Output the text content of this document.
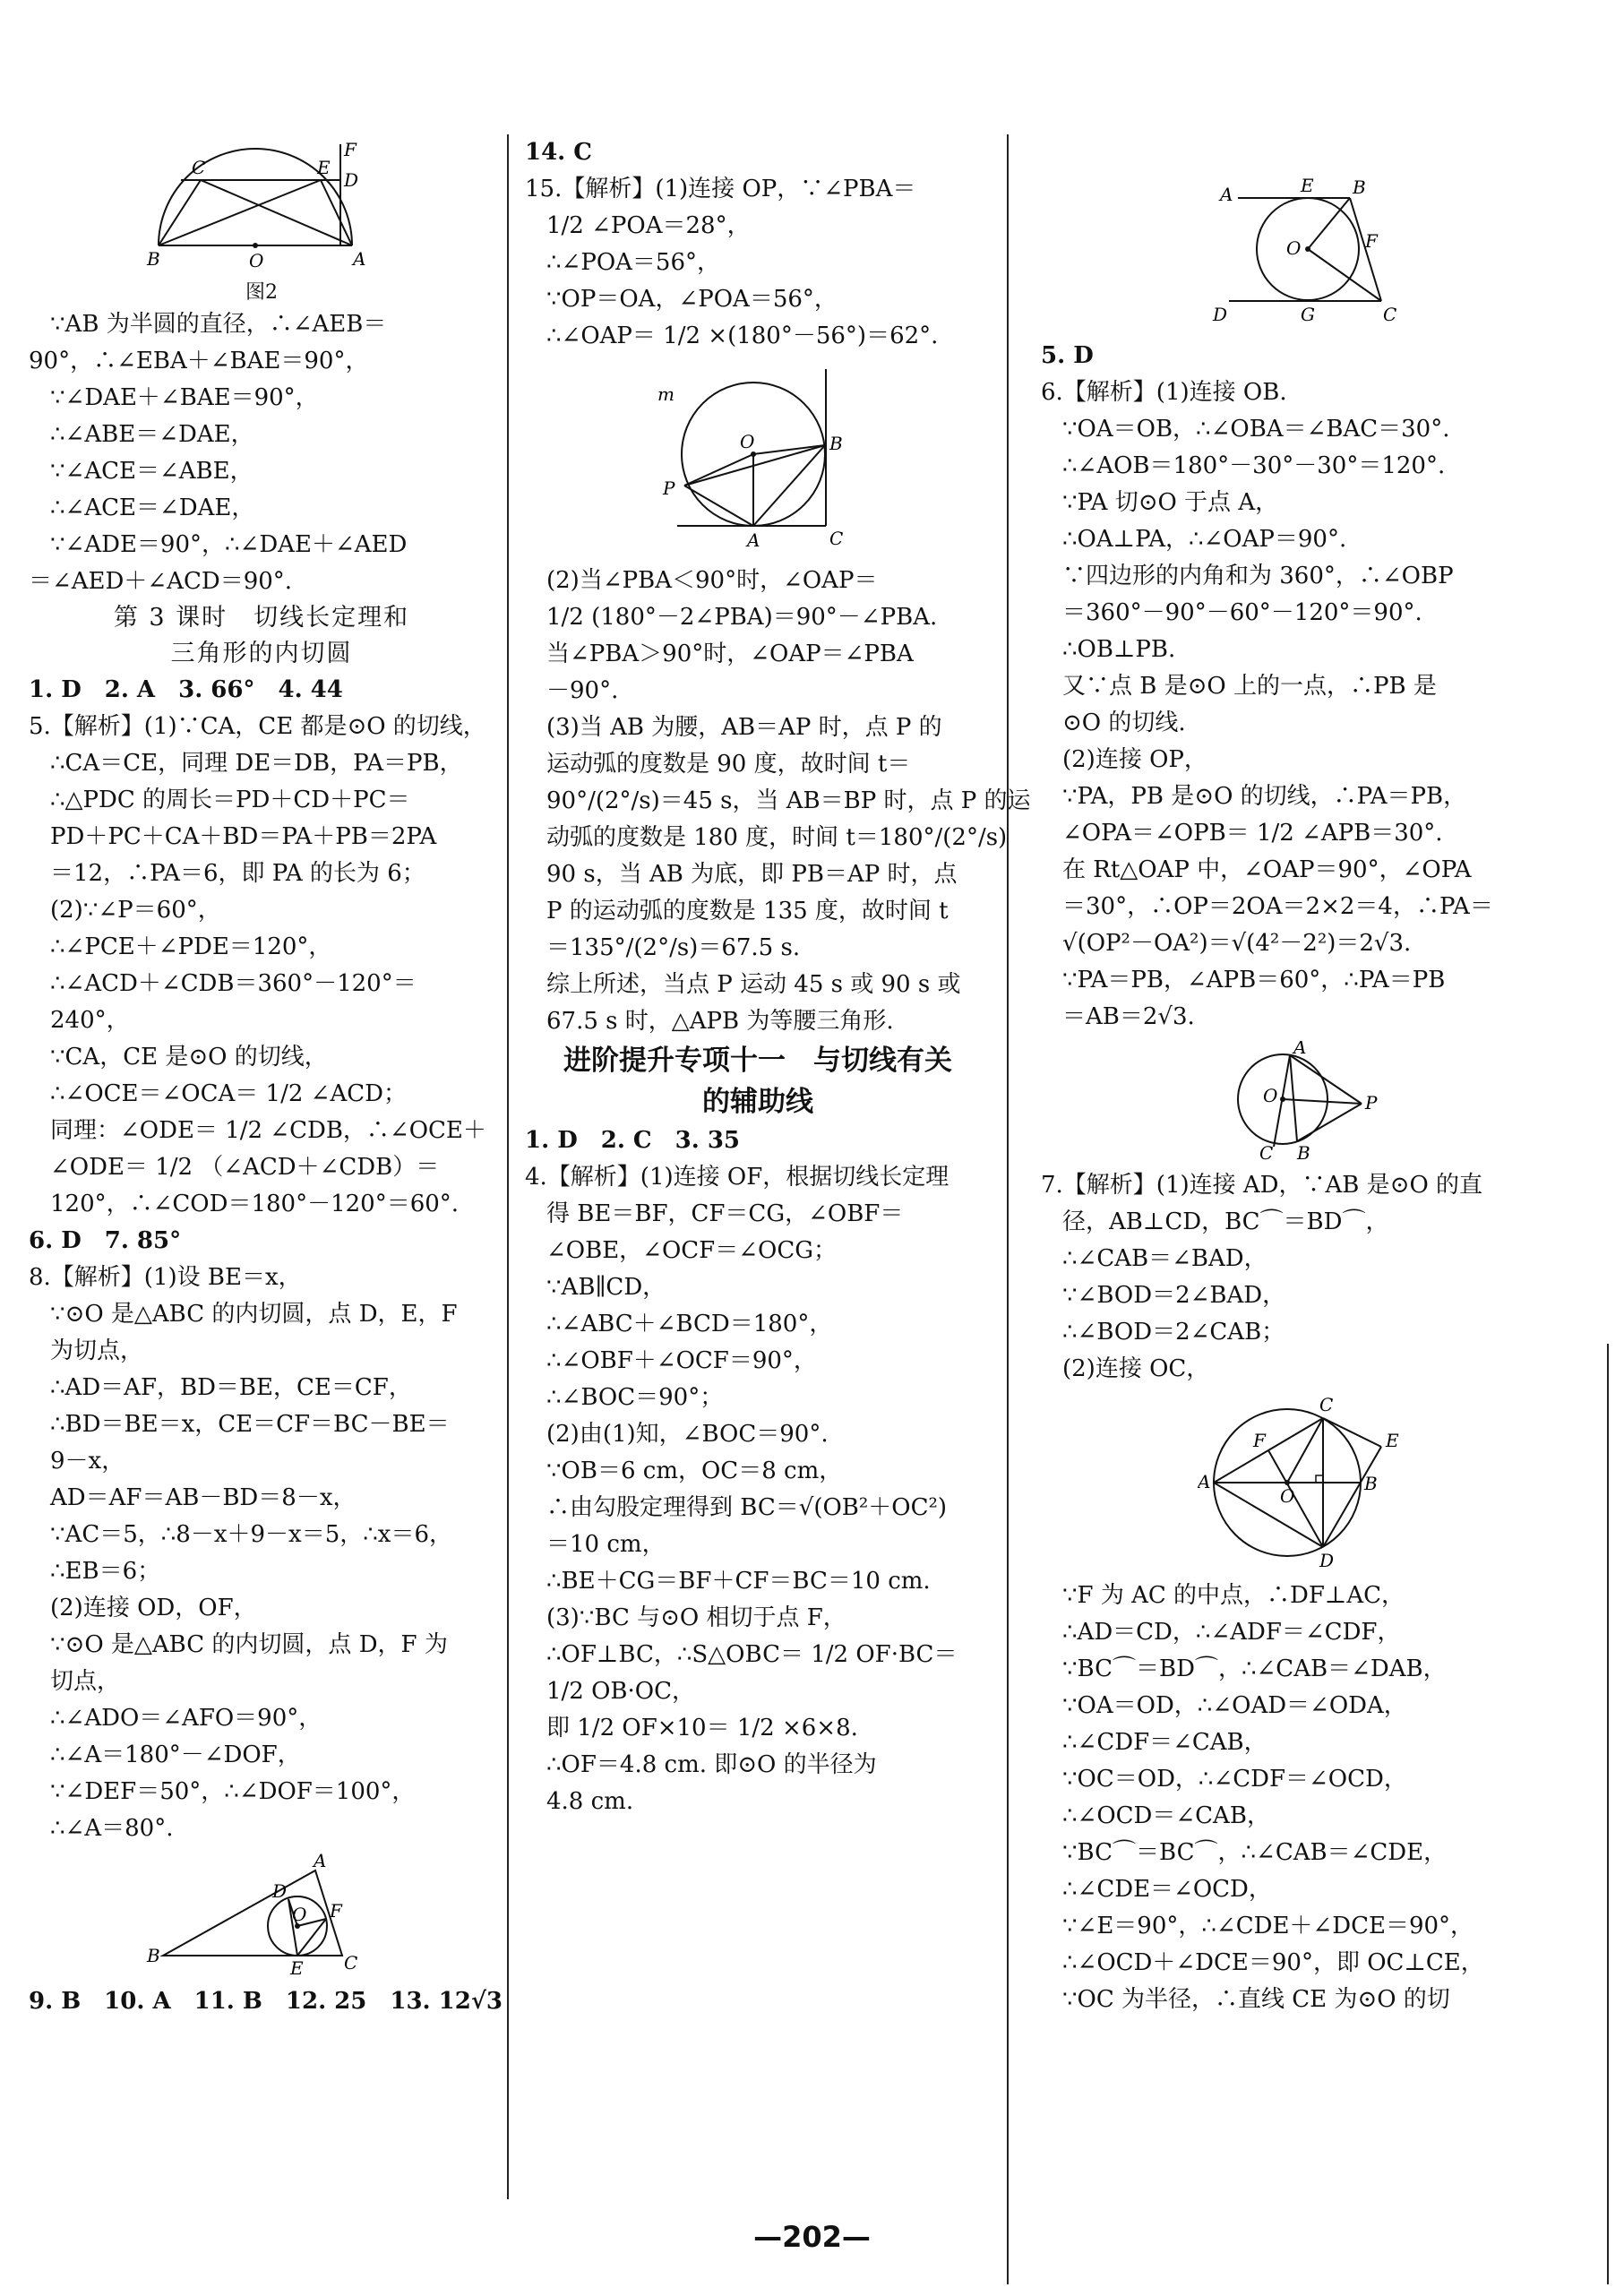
F
C	E
D
B	O	A
图2
∵AB 为半圆的直径，∴∠AEB＝
90°，∴∠EBA＋∠BAE＝90°，
∵∠DAE＋∠BAE＝90°，
∴∠ABE＝∠DAE，
∵∠ACE＝∠ABE，
∴∠ACE＝∠DAE，
∵∠ADE＝90°，∴∠DAE＋∠AED
＝∠AED＋∠ACD＝90°.
第 3 课时　切线长定理和
三角形的内切圆
1. D　2. A　3. 66°　4. 44
5.【解析】(1)∵CA，CE 都是⊙O 的切线，
∴CA＝CE，同理 DE＝DB，PA＝PB，
∴△PDC 的周长＝PD＋CD＋PC＝
PD＋PC＋CA＋BD＝PA＋PB＝2PA
＝12，∴PA＝6，即 PA 的长为 6；
(2)∵∠P＝60°，
∴∠PCE＋∠PDE＝120°，
∴∠ACD＋∠CDB＝360°－120°＝
240°，
∵CA，CE 是⊙O 的切线，
∴∠OCE＝∠OCA＝ 1/2 ∠ACD；
同理：∠ODE＝ 1/2 ∠CDB，∴∠OCE＋
∠ODE＝ 1/2 （∠ACD＋∠CDB）＝
120°，∴∠COD＝180°－120°＝60°.
6. D　7. 85°
8.【解析】(1)设 BE＝x，
∵⊙O 是△ABC 的内切圆，点 D，E，F
为切点，
∴AD＝AF，BD＝BE，CE＝CF，
∴BD＝BE＝x，CE＝CF＝BC－BE＝
9－x，
AD＝AF＝AB－BD＝8－x，
∵AC＝5，∴8－x＋9－x＝5，∴x＝6，
∴EB＝6；
(2)连接 OD，OF，
∵⊙O 是△ABC 的内切圆，点 D，F 为
切点，
∴∠ADO＝∠AFO＝90°，
∴∠A＝180°－∠DOF，
∵∠DEF＝50°，∴∠DOF＝100°，
∴∠A＝80°.
A
D
O F
B
E C
9. B　10. A　11. B　12. 25　13. 12√3
14. C
15.【解析】(1)连接 OP，∵∠PBA＝
1/2 ∠POA＝28°，
∴∠POA＝56°，
∵OP＝OA，∠POA＝56°，
∴∠OAP＝ 1/2 ×(180°－56°)＝62°.
m
O	B
P
A	C
(2)当∠PBA＜90°时，∠OAP＝
1/2 (180°－2∠PBA)＝90°－∠PBA.
当∠PBA＞90°时，∠OAP＝∠PBA
－90°.
(3)当 AB 为腰，AB＝AP 时，点 P 的
运动弧的度数是 90 度，故时间 t＝
90°/(2°/s)＝45 s，当 AB＝BP 时，点 P 的运
动弧的度数是 180 度，时间 t＝180°/(2°/s)
90 s，当 AB 为底，即 PB＝AP 时，点
P 的运动弧的度数是 135 度，故时间 t
＝135°/(2°/s)＝67.5 s.
综上所述，当点 P 运动 45 s 或 90 s 或
67.5 s 时，△APB 为等腰三角形.
进阶提升专项十一　与切线有关
的辅助线
1. D　2. C　3. 35
4.【解析】(1)连接 OF，根据切线长定理
得 BE＝BF，CF＝CG，∠OBF＝
∠OBE，∠OCF＝∠OCG；
∵AB∥CD，
∴∠ABC＋∠BCD＝180°，
∴∠OBF＋∠OCF＝90°，
∴∠BOC＝90°；
(2)由(1)知，∠BOC＝90°.
∵OB＝6 cm，OC＝8 cm，
∴由勾股定理得到 BC＝√(OB²＋OC²)
＝10 cm，
∴BE＋CG＝BF＋CF＝BC＝10 cm.
(3)∵BC 与⊙O 相切于点 F，
∴OF⊥BC，∴S△OBC＝ 1/2 OF·BC＝
1/2 OB·OC，
即 1/2 OF×10＝ 1/2 ×6×8.
∴OF＝4.8 cm. 即⊙O 的半径为
4.8 cm.
A	E B
O	F
D	G	C
5. D
6.【解析】(1)连接 OB.
∵OA＝OB，∴∠OBA＝∠BAC＝30°.
∴∠AOB＝180°－30°－30°＝120°.
∵PA 切⊙O 于点 A，
∴OA⊥PA，∴∠OAP＝90°.
∵四边形的内角和为 360°，∴∠OBP
＝360°－90°－60°－120°＝90°.
∴OB⊥PB.
又∵点 B 是⊙O 上的一点，∴PB 是
⊙O 的切线.
(2)连接 OP，
∵PA，PB 是⊙O 的切线，∴PA＝PB，
∠OPA＝∠OPB＝ 1/2 ∠APB＝30°.
在 Rt△OAP 中，∠OAP＝90°，∠OPA
＝30°，∴OP＝2OA＝2×2＝4，∴PA＝
√(OP²－OA²)＝√(4²－2²)＝2√3.
∵PA＝PB，∠APB＝60°，∴PA＝PB
＝AB＝2√3.
A
O	P
C B
7.【解析】(1)连接 AD，∵AB 是⊙O 的直
径，AB⊥CD，BC⌒＝BD⌒，
∴∠CAB＝∠BAD，
∵∠BOD＝2∠BAD，
∴∠BOD＝2∠CAB；
(2)连接 OC，
C
F	E
A
O
B
D
∵F 为 AC 的中点，∴DF⊥AC，
∴AD＝CD，∴∠ADF＝∠CDF，
∵BC⌒＝BD⌒，∴∠CAB＝∠DAB，
∵OA＝OD，∴∠OAD＝∠ODA，
∴∠CDF＝∠CAB，
∵OC＝OD，∴∠CDF＝∠OCD，
∴∠OCD＝∠CAB，
∵BC⌒＝BC⌒，∴∠CAB＝∠CDE，
∴∠CDE＝∠OCD，
∵∠E＝90°，∴∠CDE＋∠DCE＝90°，
∴∠OCD＋∠DCE＝90°，即 OC⊥CE，
∵OC 为半径，∴直线 CE 为⊙O 的切
—202—
